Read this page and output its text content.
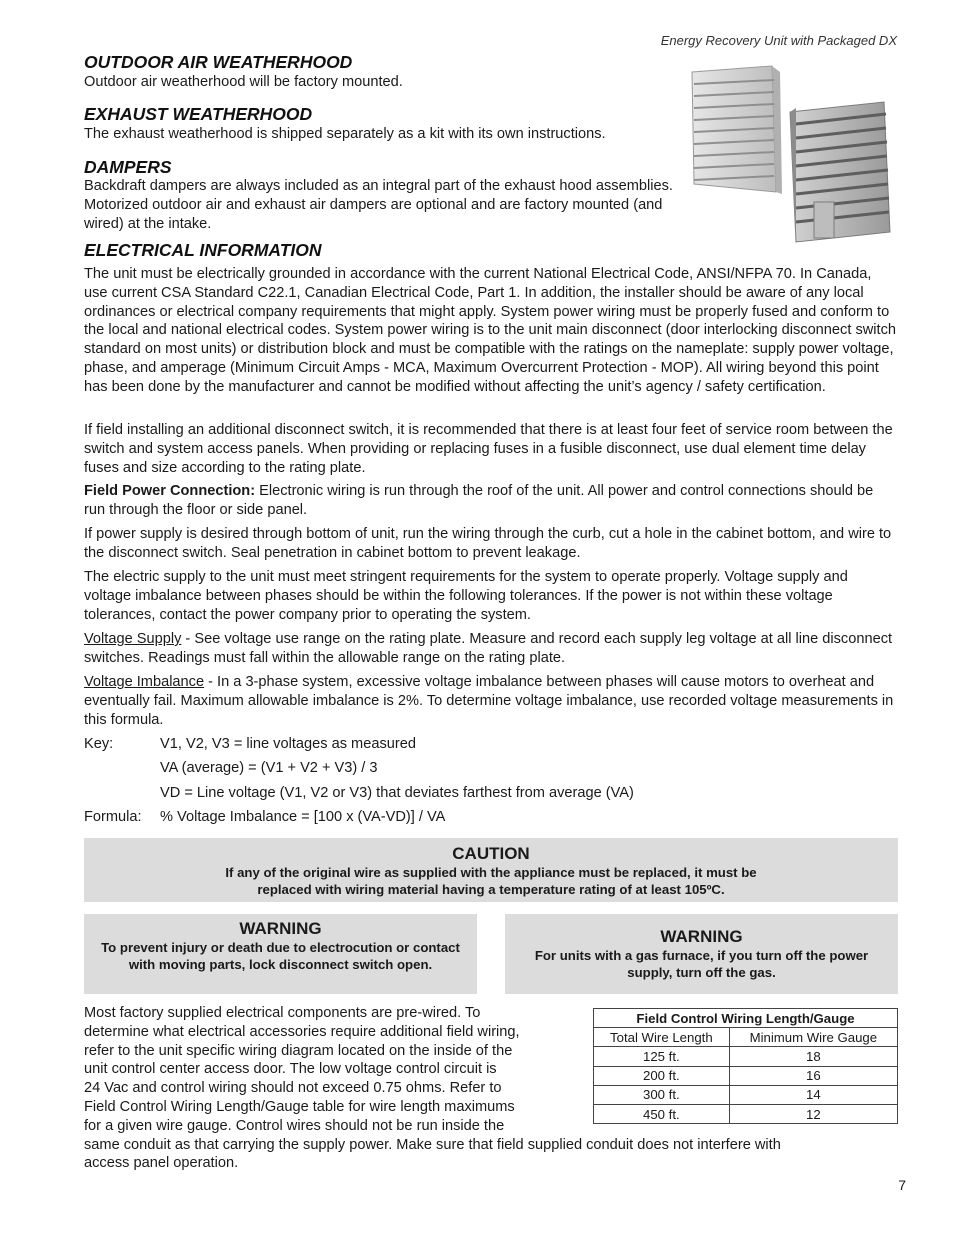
Energy Recovery Unit with Packaged DX
OUTDOOR AIR WEATHERHOOD

Outdoor air weatherhood will be factory mounted.

EXHAUST WEATHERHOOD

The exhaust weatherhood is shipped separately as a kit with its own instructions.

DAMPERS

Backdraft dampers are always included as an integral part of the exhaust hood assemblies. Motorized outdoor air and exhaust air dampers are optional and are factory mounted (and wired) at the intake.

ELECTRICAL INFORMATION

The unit must be electrically grounded in accordance with the current National Electrical Code, ANSI/NFPA 70. In Canada, use current CSA Standard C22.1, Canadian Electrical Code, Part 1. In addition, the installer should be aware of any local ordinances or electrical company requirements that might apply. System power wiring must be properly fused and conform to the local and national electrical codes. System power wiring is to the unit main disconnect (door interlocking disconnect switch standard on most units) or distribution block and must be compatible with the ratings on the nameplate: supply power voltage, phase, and amperage (Minimum Circuit Amps - MCA, Maximum Overcurrent Protection - MOP). All wiring beyond this point has been done by the manufacturer and cannot be modified without affecting the unit’s agency / safety certification.

If field installing an additional disconnect switch, it is recommended that there is at least four feet of service room between the switch and system access panels. When providing or replacing fuses in a fusible disconnect, use dual element time delay fuses and size according to the rating plate.

Field Power Connection: Electronic wiring is run through the roof of the unit. All power and control connections should be run through the floor or side panel.

If power supply is desired through bottom of unit, run the wiring through the curb, cut a hole in the cabinet bottom, and wire to the disconnect switch. Seal penetration in cabinet bottom to prevent leakage.

The electric supply to the unit must meet stringent requirements for the system to operate properly. Voltage supply and voltage imbalance between phases should be within the following tolerances. If the power is not within these voltage tolerances, contact the power company prior to operating the system.

Voltage Supply - See voltage use range on the rating plate. Measure and record each supply leg voltage at all line disconnect switches. Readings must fall within the allowable range on the rating plate.

Voltage Imbalance - In a 3-phase system, excessive voltage imbalance between phases will cause motors to overheat and eventually fail. Maximum allowable imbalance is 2%. To determine voltage imbalance, use recorded voltage measurements in this formula.

Key:	V1, V2, V3 = line voltages as measured
VA (average) = (V1 + V2 + V3) / 3
VD = Line voltage (V1, V2 or V3) that deviates farthest from average (VA)
Formula: % Voltage Imbalance = [100 x (VA-VD)] / VA
CAUTION
If any of the original wire as supplied with the appliance must be replaced, it must be
replaced with wiring material having a temperature rating of at least 105ºC.
WARNING
To prevent injury or death due to electrocution or contact with moving parts, lock disconnect switch open.
WARNING
For units with a gas furnace, if you turn off the power supply, turn off the gas.
Most factory supplied electrical components are pre-wired. To
determine what electrical accessories require additional field wiring,
refer to the unit specific wiring diagram located on the inside of the
unit control center access door. The low voltage control circuit is
24 Vac and control wiring should not exceed 0.75 ohms. Refer to
Field Control Wiring Length/Gauge table for wire length maximums
for a given wire gauge. Control wires should not be run inside the
same conduit as that carrying the supply power. Make sure that field supplied conduit does not interfere with
access panel operation.
Field Control Wiring Length/Gauge	
Total Wire Length	Minimum Wire Gauge
125 ft.	18
200 ft.	16
300 ft.	14
450 ft.	12
7
